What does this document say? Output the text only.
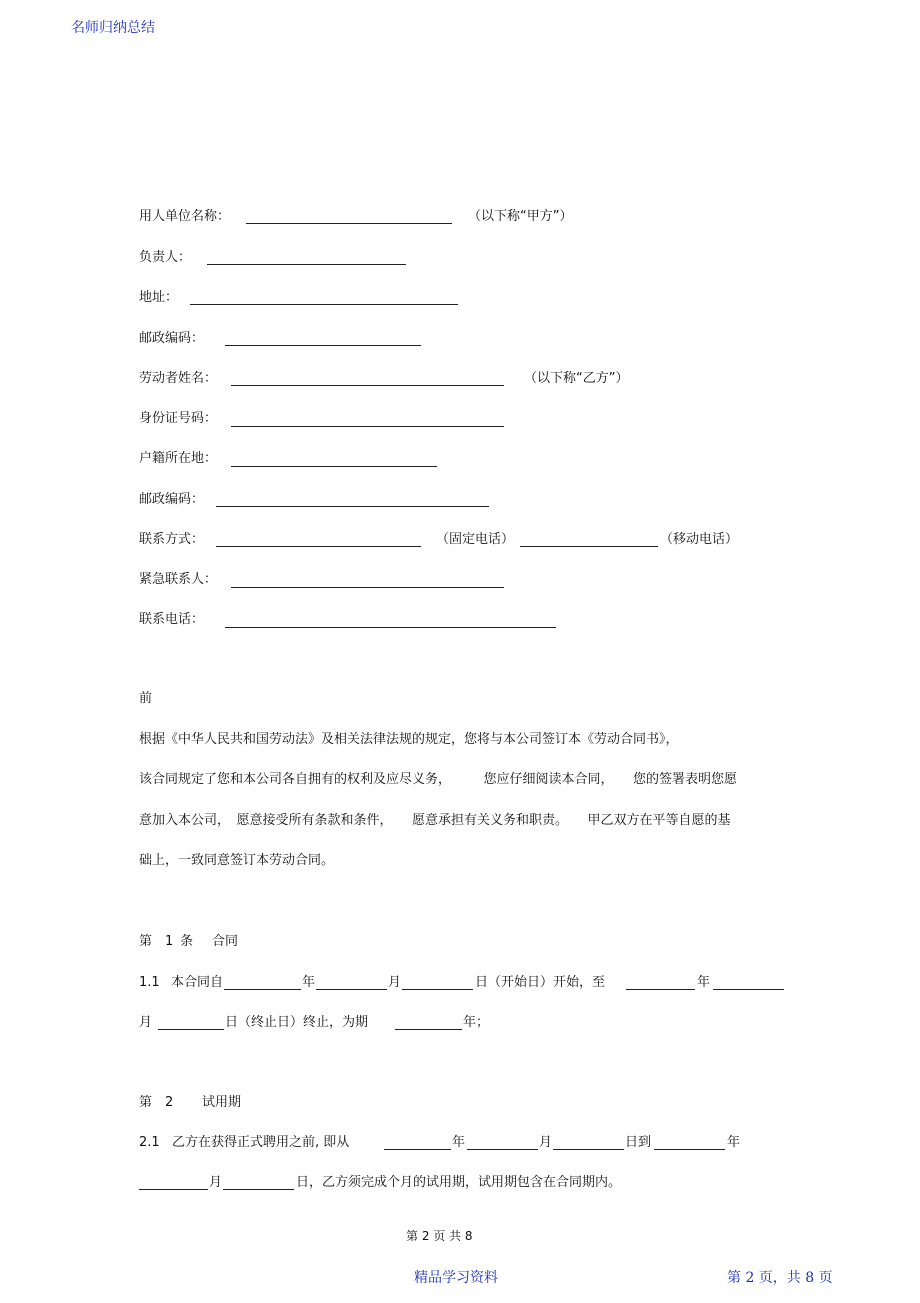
名师归纳总结
用人单位名称：	（以下称“甲方”）
负责人：
地址：
邮政编码：
劳动者姓名：	（以下称“乙方”）
身份证号码：
户籍所在地：
邮政编码：
联系方式：	（固定电话）	（移动电话）
紧急联系人：
联系电话：
前
根据《中华人民共和国劳动法》及相关法律法规的规定，您将与本公司签订本《劳动合同书》，
该合同规定了您和本公司各自拥有的权利及应尽义务，　　　您应仔细阅读本合同，　　您的签署表明您愿
意加入本公司，　愿意接受所有条款和条件，　　愿意承担有关义务和职责。　　甲乙双方在平等自愿的基
础上，一致同意签订本劳动合同。
第 1 条 合同
1.1 本合同自	年	月	日（开始日）开始，至	年
月	日（终止日）终止，为期	年；
第 2 试用期
2.1 乙方在获得正式聘用之前, 即从	年	月	日到	年
月	日，乙方须完成个月的试用期，试用期包含在合同期内。
第 2 页 共 8
精品学习资料	第 2 页，共 8 页
